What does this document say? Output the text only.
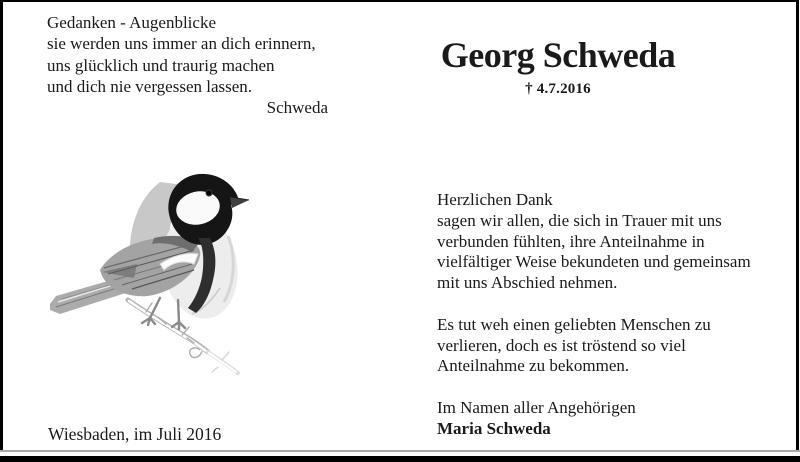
Gedanken - Augenblicke
sie werden uns immer an dich erinnern,
uns glücklich und traurig machen
und dich nie vergessen lassen.
Schweda
Georg Schweda
† 4.7.2016
Herzlichen Dank
sagen wir allen, die sich in Trauer mit uns
verbunden fühlten, ihre Anteilnahme in
vielfältiger Weise bekundeten und gemeinsam
mit uns Abschied nehmen.
Es tut weh einen geliebten Menschen zu
verlieren, doch es ist tröstend so viel
Anteilnahme zu bekommen.
Im Namen aller Angehörigen
Maria Schweda
Wiesbaden, im Juli 2016
